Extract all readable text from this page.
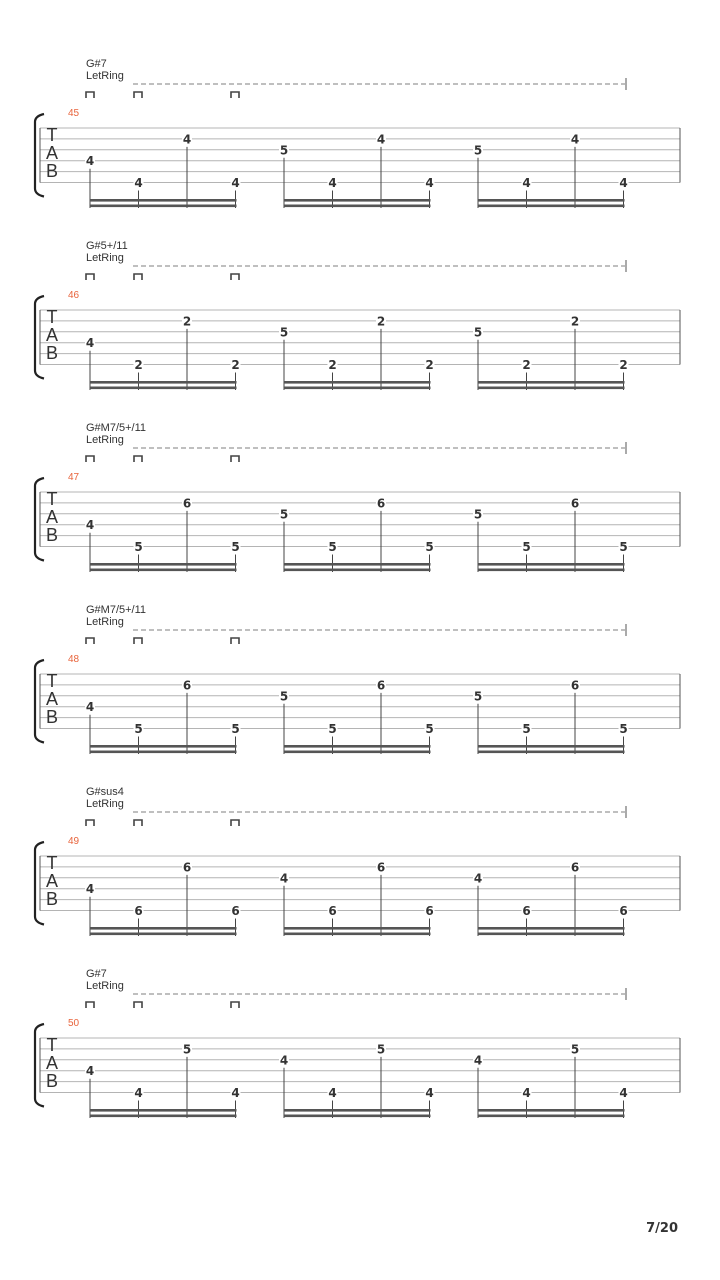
G#7
LetRing
45
T
A
B 4
4
4
4
5
4
4
4
5
4
4
4
G#5+/11
LetRing
46
T
A
B 4
2
2
2
5
2
2
2
5
2
2
2
G#M7/5+/11
LetRing
47
T
A
B 4
5
6
5
5
5
6
5
5
5
6
5
G#M7/5+/11
LetRing
48
T
A
B 4
5
6
5
5
5
6
5
5
5
6
5
G#sus4
LetRing
49
T
A
B 4
6
6
6
4
6
6
6
4
6
6
6
G#7
LetRing
50
T
A
B 4
4
5
4
4
4
5
4
4
4
5
4
7/20
